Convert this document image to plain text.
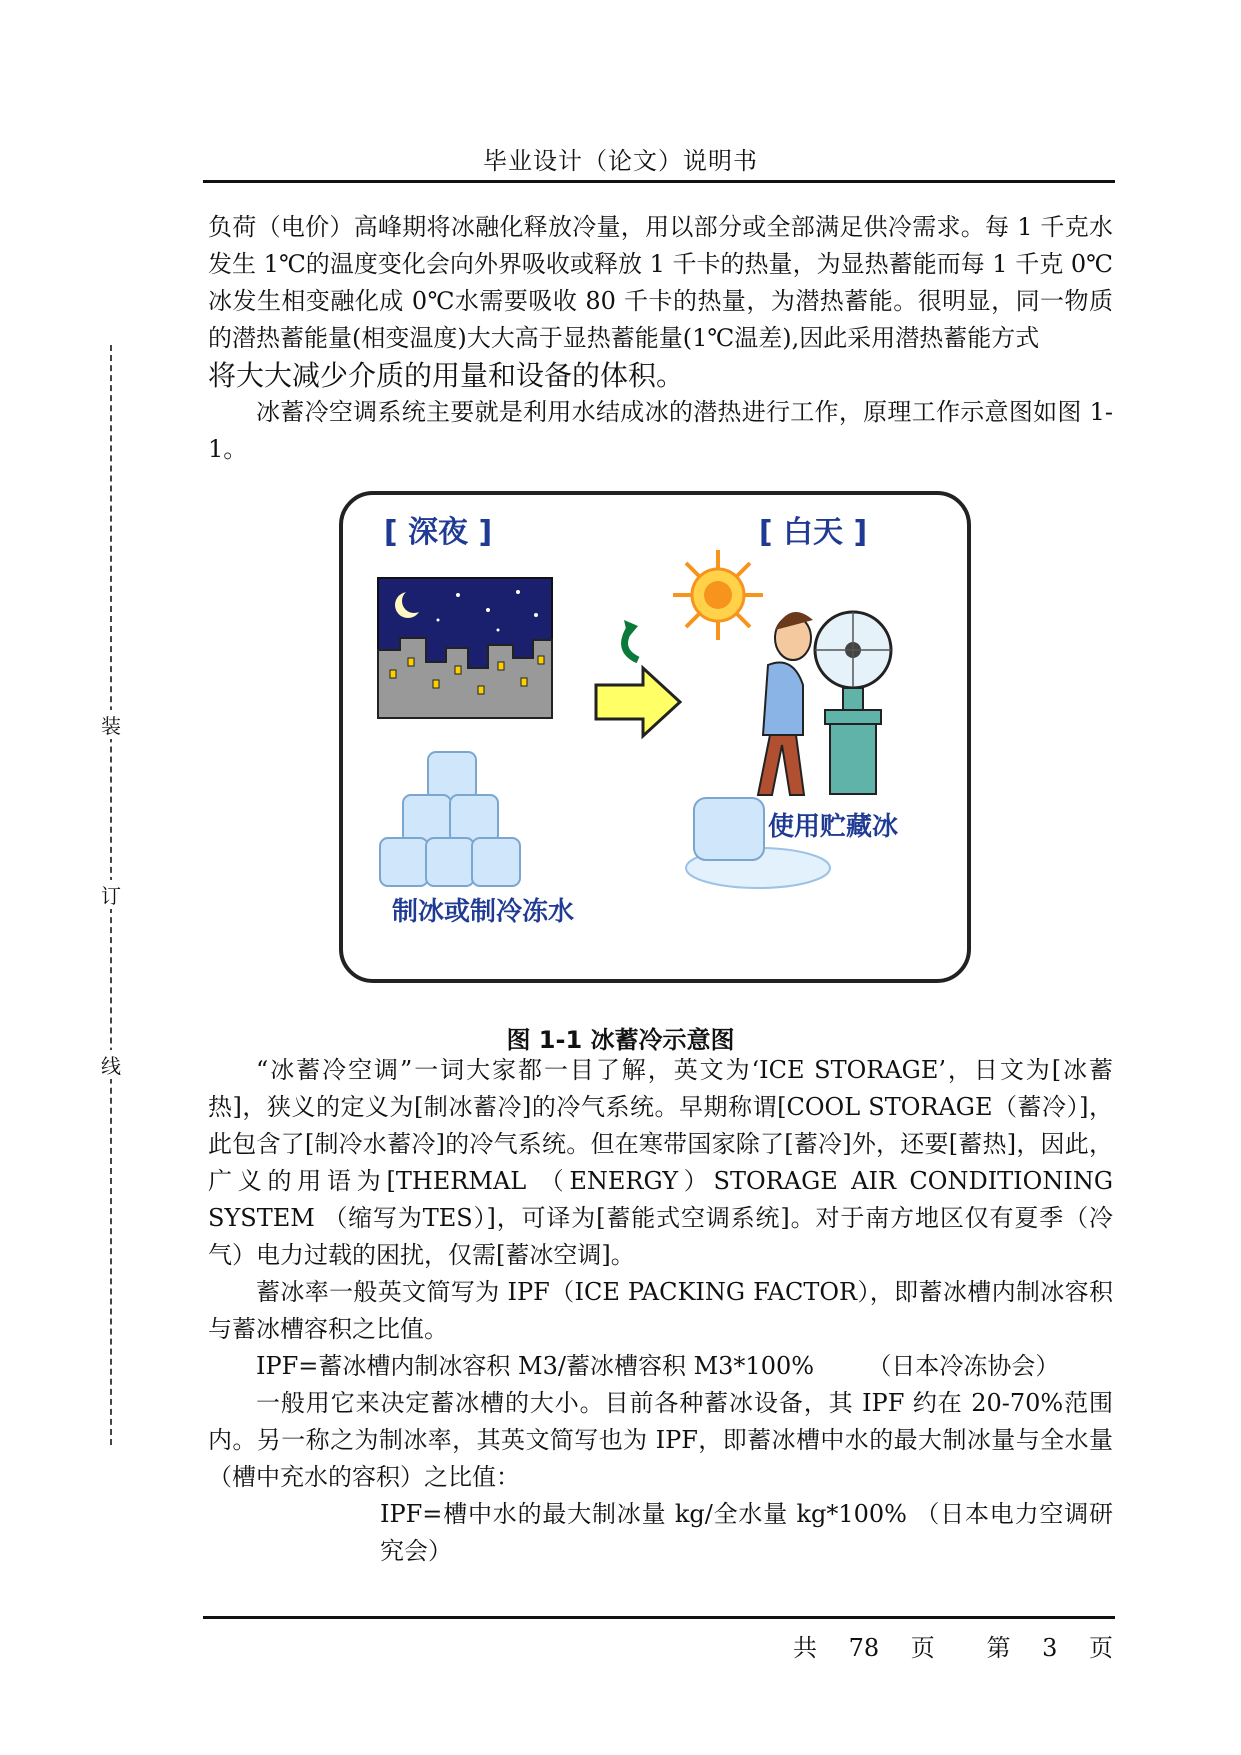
毕业设计（论文）说明书
装
订
线

负荷（电价）高峰期将冰融化释放冷量，用以部分或全部满足供冷需求。每 1 千克水发生 1℃的温度变化会向外界吸收或释放 1 千卡的热量，为显热蓄能而每 1 千克 0℃冰发生相变融化成 0℃水需要吸收 80 千卡的热量，为潜热蓄能。很明显，同一物质的潜热蓄能量(相变温度)大大高于显热蓄能量(1℃温差),因此采用潜热蓄能方式

将大大减少介质的用量和设备的体积。

冰蓄冷空调系统主要就是利用水结成冰的潜热进行工作，原理工作示意图如图 1-1。

[ 深夜 ]	[ 白天 ]
制冰或制冷冻水
使用贮藏冰
图 1-1 冰蓄冷示意图

“冰蓄冷空调”一词大家都一目了解，英文为‘ICE STORAGE’，日文为[冰蓄热]，狭义的定义为[制冰蓄冷]的冷气系统。早期称谓[COOL STORAGE（蓄冷）]，此包含了[制冷水蓄冷]的冷气系统。但在寒带国家除了[蓄冷]外，还要[蓄热]，因此，广义的用语为[THERMAL （ENERGY）STORAGE AIR CONDITIONING SYSTEM （缩写为TES）]，可译为[蓄能式空调系统]。对于南方地区仅有夏季（冷气）电力过载的困扰，仅需[蓄冰空调]。

蓄冰率一般英文简写为 IPF（ICE PACKING FACTOR），即蓄冰槽内制冰容积与蓄冰槽容积之比值。

IPF=蓄冰槽内制冰容积 M3/蓄冰槽容积 M3*100%       （日本冷冻协会）

一般用它来决定蓄冰槽的大小。目前各种蓄冰设备，其 IPF 约在 20-70%范围内。另一称之为制冰率，其英文简写也为 IPF，即蓄冰槽中水的最大制冰量与全水量（槽中充水的容积）之比值：

IPF=槽中水的最大制冰量 kg/全水量 kg*100% （日本电力空调研究会）

共 78 页 第 3 页
